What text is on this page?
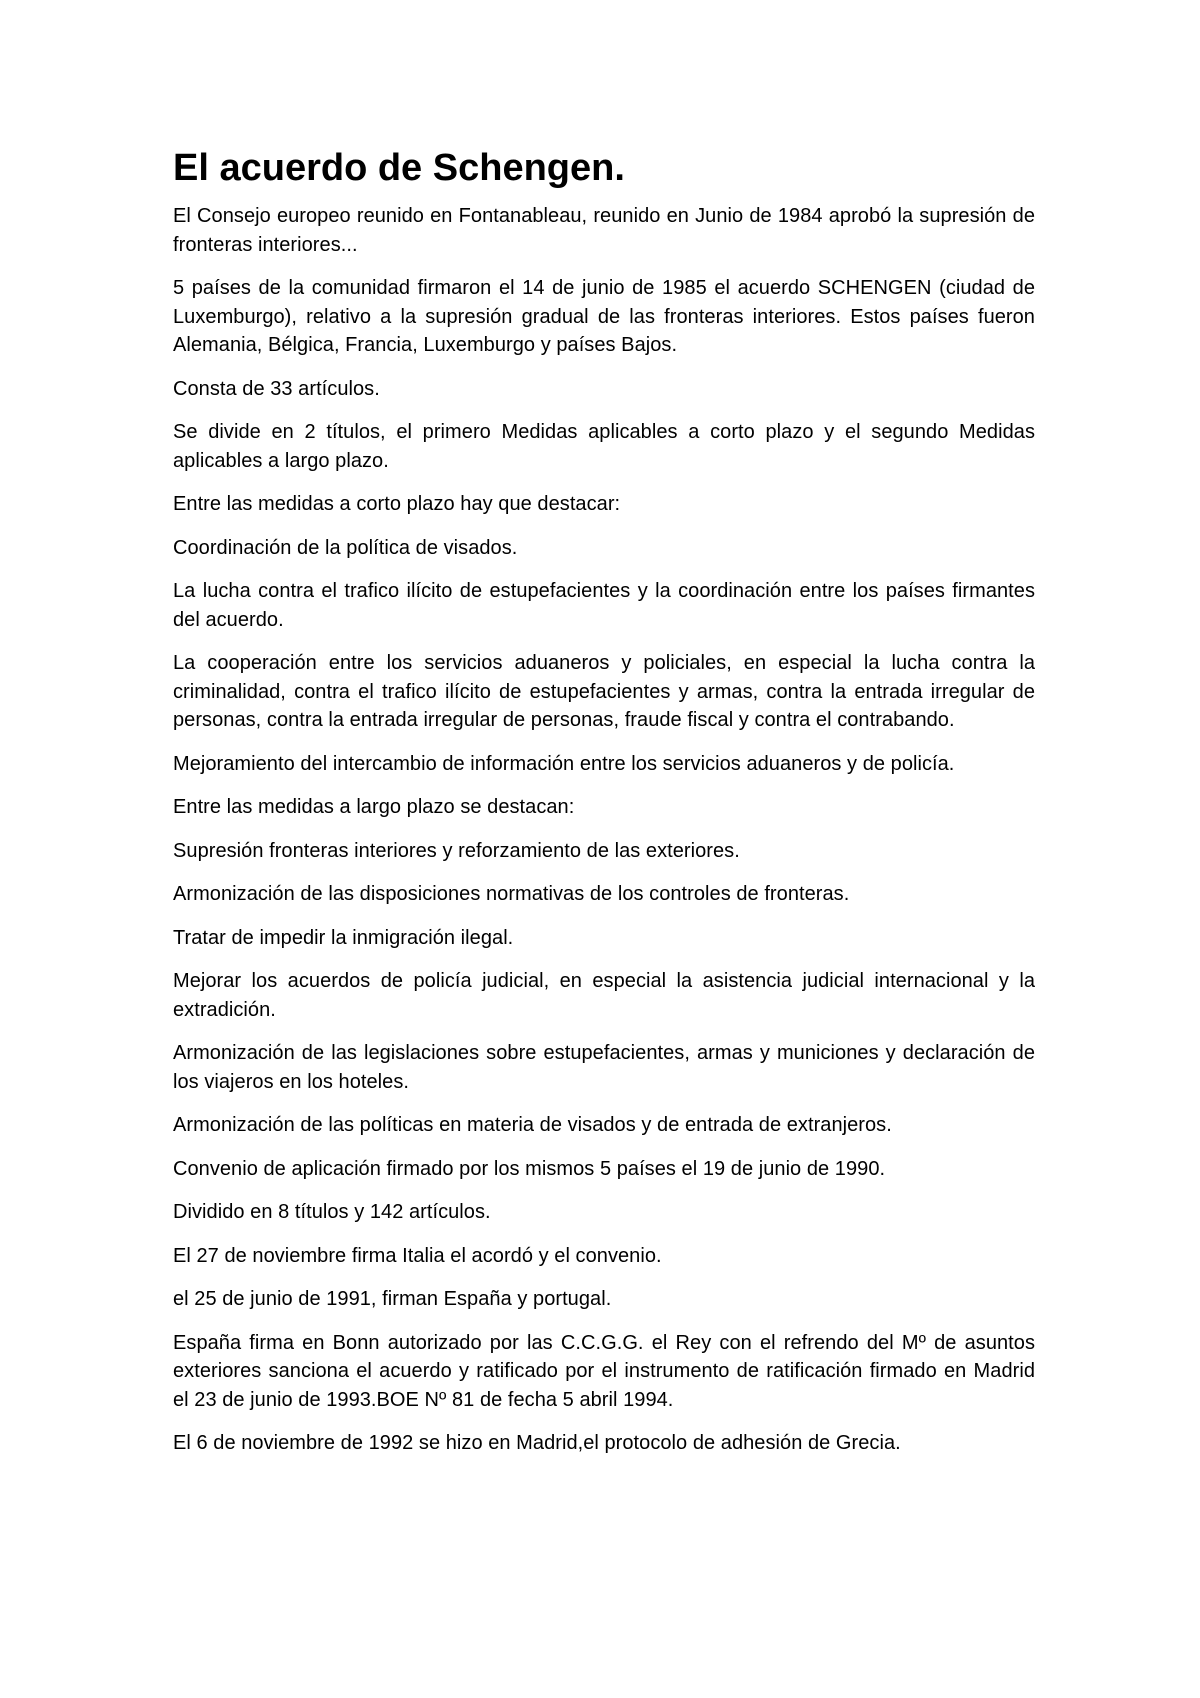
El acuerdo de Schengen.

El Consejo europeo reunido en Fontanableau, reunido en Junio de 1984 aprobó la supresión de fronteras interiores...

5 países de la comunidad firmaron el 14 de junio de 1985 el acuerdo SCHENGEN (ciudad de Luxemburgo), relativo a la supresión gradual de las fronteras interiores. Estos países fueron Alemania, Bélgica, Francia, Luxemburgo y países Bajos.

Consta de 33 artículos.

Se divide en 2 títulos, el primero Medidas aplicables a corto plazo y el segundo Medidas aplicables a largo plazo.

Entre las medidas a corto plazo hay que destacar:

Coordinación de la política de visados.

La lucha contra el trafico ilícito de estupefacientes y la coordinación entre los países firmantes del acuerdo.

La cooperación entre los servicios aduaneros y policiales, en especial la lucha contra la criminalidad, contra el trafico ilícito de estupefacientes y armas, contra la entrada irregular de personas, contra la entrada irregular de personas, fraude fiscal y contra el contrabando.

Mejoramiento del intercambio de información entre los servicios aduaneros y de policía.

Entre las medidas a largo plazo se destacan:

Supresión fronteras interiores y reforzamiento de las exteriores.

Armonización de las disposiciones normativas de los controles de fronteras.

Tratar de impedir la inmigración ilegal.

Mejorar los acuerdos de policía judicial, en especial la asistencia judicial internacional y la extradición.

Armonización de las legislaciones sobre estupefacientes, armas y municiones y declaración de los viajeros en los hoteles.

Armonización de las políticas en materia de visados y de entrada de extranjeros.

Convenio de aplicación firmado por los mismos 5 países el 19 de junio de 1990.

Dividido en 8 títulos y 142 artículos.

El 27 de noviembre firma Italia el acordó y el convenio.

el 25 de junio de 1991, firman España y portugal.

España firma en Bonn autorizado por las C.C.G.G. el Rey con el refrendo del Mº de asuntos exteriores sanciona el acuerdo y ratificado por el instrumento de ratificación firmado en Madrid el 23 de junio de 1993.BOE Nº 81 de fecha 5 abril 1994.

El 6 de noviembre de 1992 se hizo en Madrid,el protocolo de adhesión de Grecia.
